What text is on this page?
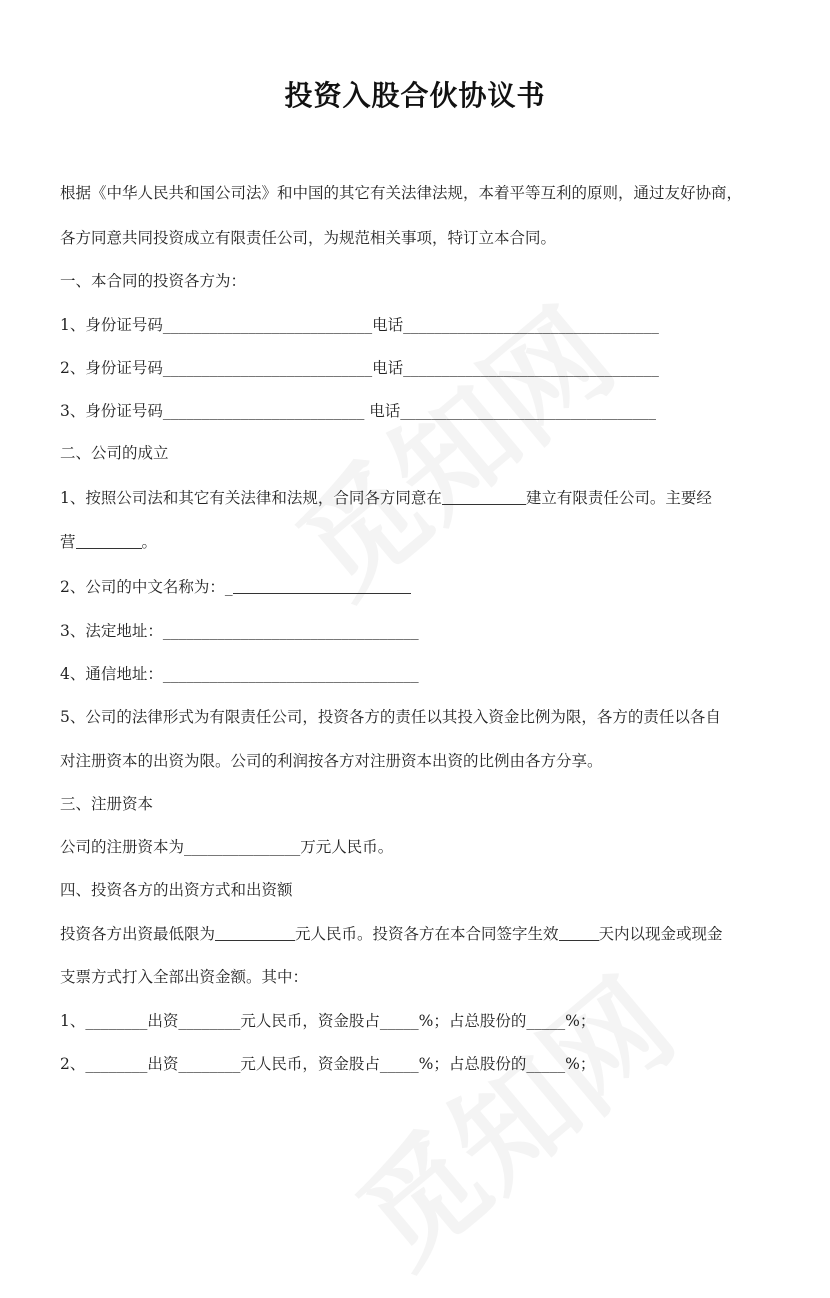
投资入股合伙协议书
根据《中华人民共和国公司法》和中国的其它有关法律法规，本着平等互利的原则，通过友好协商，
各方同意共同投资成立有限责任公司，为规范相关事项，特订立本合同。
一、本合同的投资各方为：
1、身份证号码___________________________电话_________________________________
2、身份证号码___________________________电话_________________________________
3、身份证号码__________________________ 电话_________________________________
二、公司的成立
1、按照公司法和其它有关法律和法规，合同各方同意在	建立有限责任公司。主要经
营	。
2、公司的中文名称为：_
3、法定地址：_________________________________
4、通信地址：_________________________________
5、公司的法律形式为有限责任公司，投资各方的责任以其投入资金比例为限，各方的责任以各自
对注册资本的出资为限。公司的利润按各方对注册资本出资的比例由各方分享。
三、注册资本
公司的注册资本为_______________万元人民币。
四、投资各方的出资方式和出资额
投资各方出资最低限为	元人民币。投资各方在本合同签字生效	天内以现金或现金
支票方式打入全部出资金额。其中：
1、________出资________元人民币，资金股占_____%；占总股份的_____%；
2、________出资________元人民币，资金股占_____%；占总股份的_____%；
